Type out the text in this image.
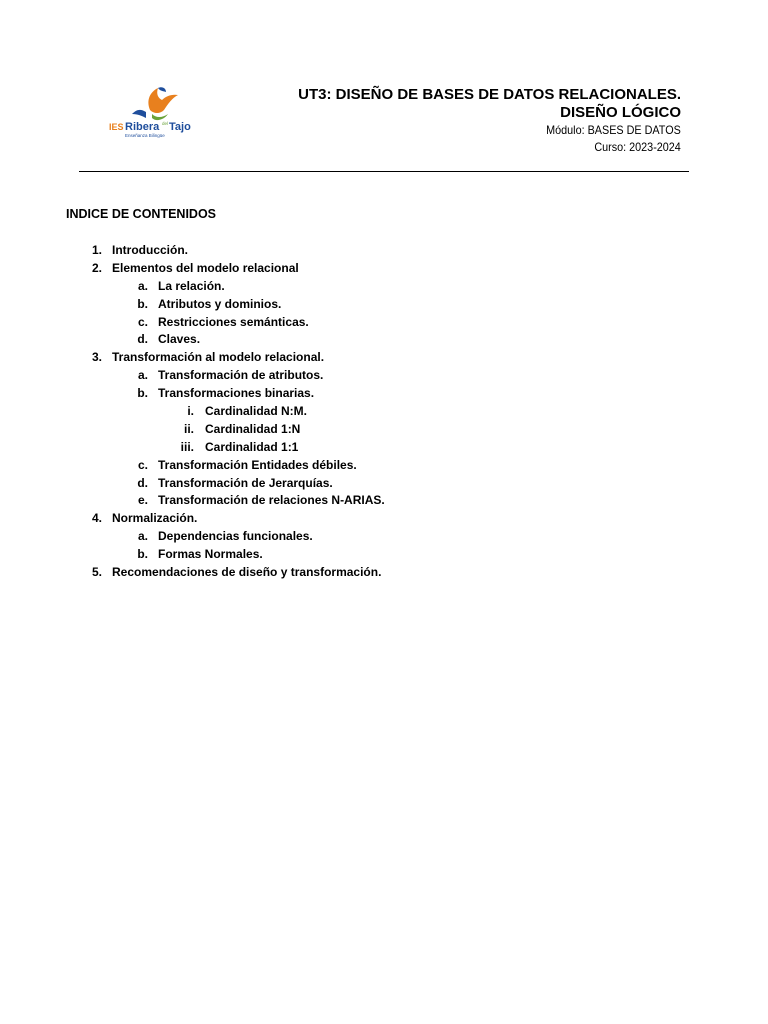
IES Ribera del Tajo
Enseñanza Bilingüe
UT3: DISEÑO DE BASES DE DATOS RELACIONALES.
DISEÑO LÓGICO
Módulo: BASES DE DATOS
Curso: 2023-2024
INDICE DE CONTENIDOS
1. Introducción.
2. Elementos del modelo relacional
a. La relación.
b. Atributos y dominios.
c. Restricciones semánticas.
d. Claves.
3. Transformación al modelo relacional.
a. Transformación de atributos.
b. Transformaciones binarias.
i. Cardinalidad N:M.
ii. Cardinalidad 1:N
iii. Cardinalidad 1:1
c. Transformación Entidades débiles.
d. Transformación de Jerarquías.
e. Transformación de relaciones N-ARIAS.
4. Normalización.
a. Dependencias funcionales.
b. Formas Normales.
5. Recomendaciones de diseño y transformación.
